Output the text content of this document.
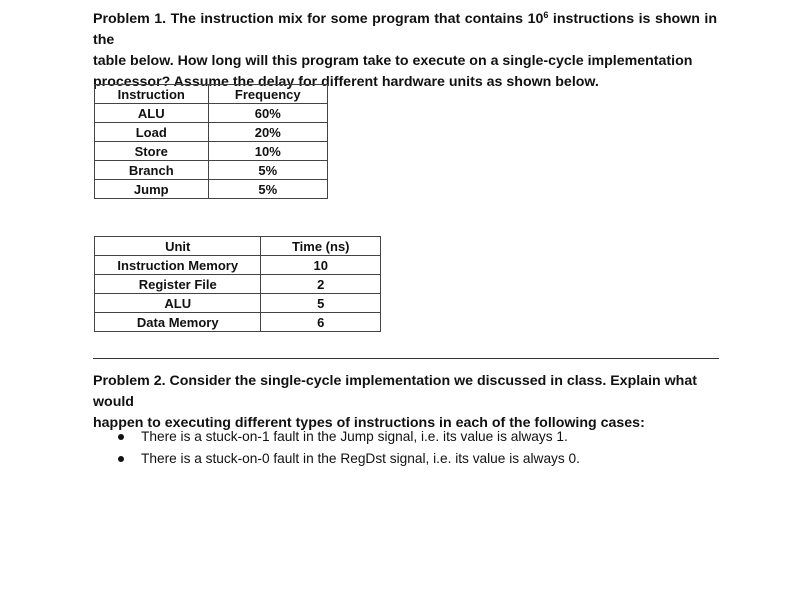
Problem 1. The instruction mix for some program that contains $10^6$ instructions is shown in the
table below. How long will this program take to execute on a single-cycle implementation
processor? Assume the delay for different hardware units as shown below.
Instruction	Frequency
ALU	60%
Load	20%
Store	10%
Branch	5%
Jump	5%
Unit	Time (ns)
Instruction Memory	10
Register File	2
ALU	5
Data Memory	6
Problem 2. Consider the single-cycle implementation we discussed in class. Explain what would
happen to executing different types of instructions in each of the following cases:
There is a stuck-on-1 fault in the Jump signal, i.e. its value is always 1.
There is a stuck-on-0 fault in the RegDst signal, i.e. its value is always 0.
